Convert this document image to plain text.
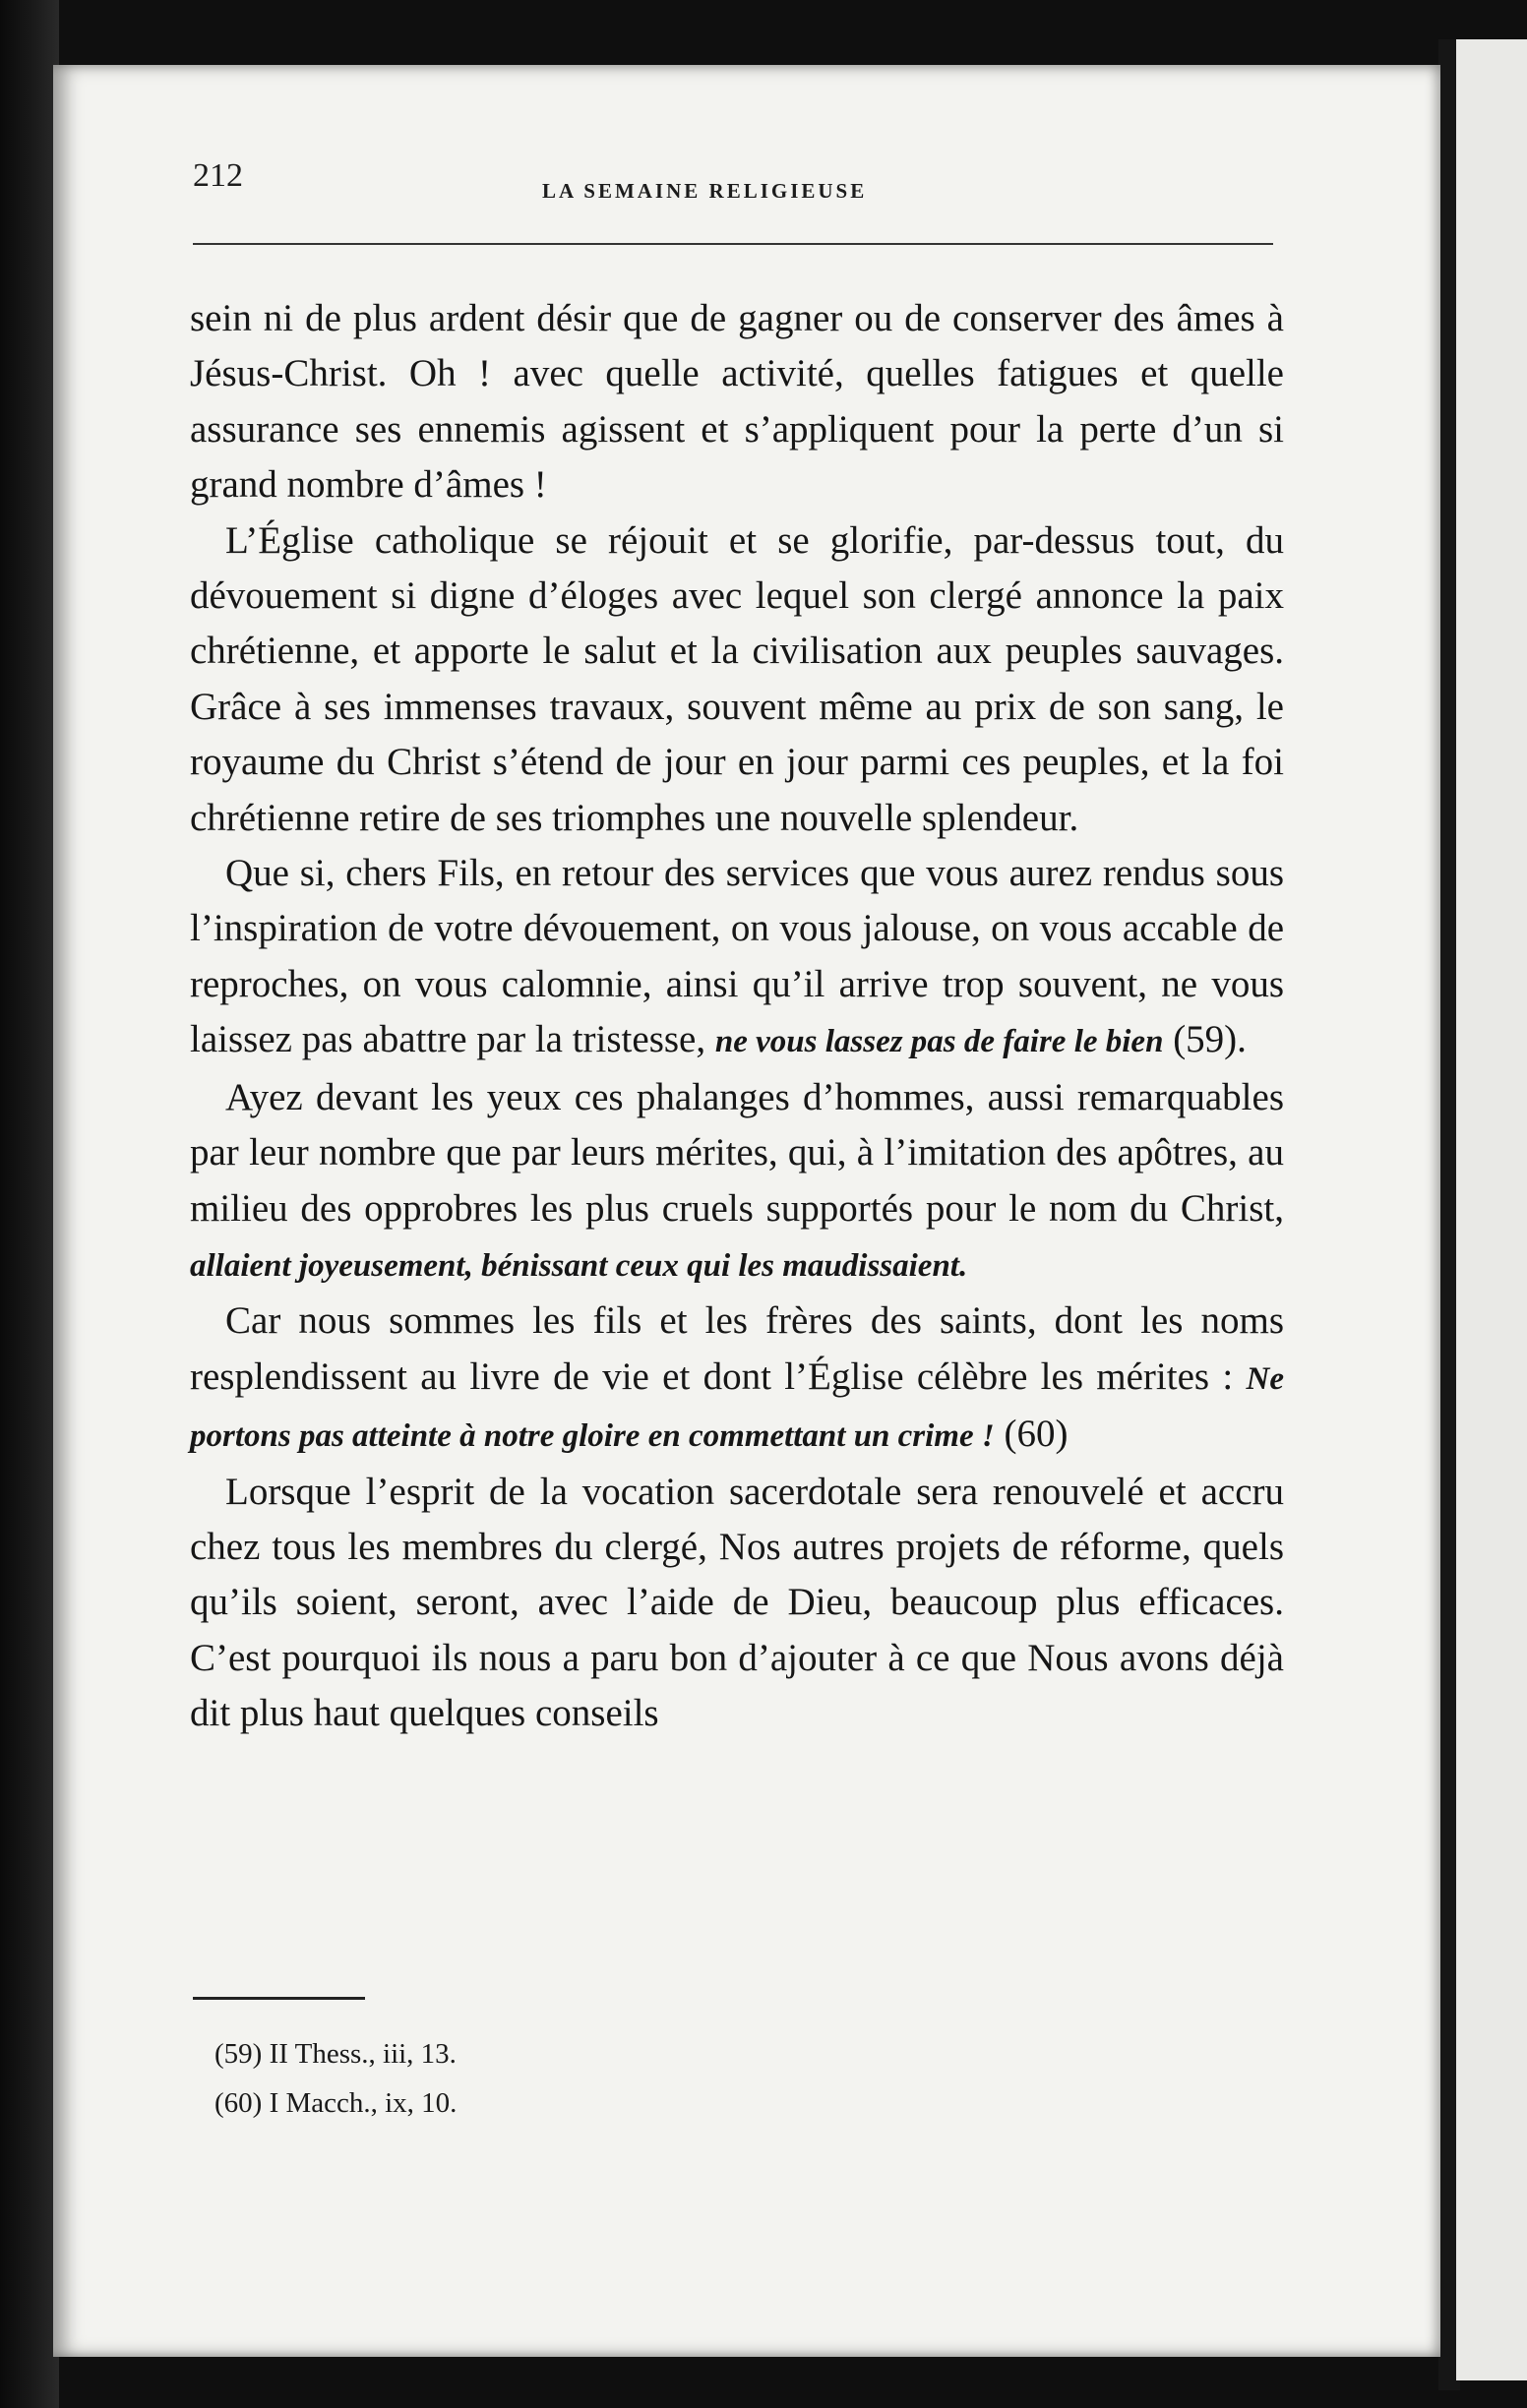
212	LA SEMAINE RELIGIEUSE

sein ni de plus ardent désir que de gagner ou de conserver des âmes à Jésus-Christ. Oh ! avec quelle activité, quelles fatigues et quelle assurance ses ennemis agissent et s’appliquent pour la perte d’un si grand nombre d’âmes !

L’Église catholique se réjouit et se glorifie, par-dessus tout, du dévouement si digne d’éloges avec lequel son clergé annonce la paix chrétienne, et apporte le salut et la civilisation aux peuples sauvages. Grâce à ses immenses travaux, souvent même au prix de son sang, le royaume du Christ s’étend de jour en jour parmi ces peuples, et la foi chrétienne retire de ses triomphes une nouvelle splendeur.

Que si, chers Fils, en retour des services que vous aurez rendus sous l’inspiration de votre dévouement, on vous jalouse, on vous accable de reproches, on vous calomnie, ainsi qu’il arrive trop souvent, ne vous laissez pas abattre par la tristesse, ne vous lassez pas de faire le bien (59).

Ayez devant les yeux ces phalanges d’hommes, aussi remarquables par leur nombre que par leurs mérites, qui, à l’imitation des apôtres, au milieu des opprobres les plus cruels supportés pour le nom du Christ, allaient joyeusement, bénissant ceux qui les maudissaient.

Car nous sommes les fils et les frères des saints, dont les noms resplendissent au livre de vie et dont l’Église célèbre les mérites : Ne portons pas atteinte à notre gloire en commettant un crime ! (60)

Lorsque l’esprit de la vocation sacerdotale sera renouvelé et accru chez tous les membres du clergé, Nos autres projets de réforme, quels qu’ils soient, seront, avec l’aide de Dieu, beaucoup plus efficaces. C’est pourquoi ils nous a paru bon d’ajouter à ce que Nous avons déjà dit plus haut quelques conseils

(59) II Thess., iii, 13.
(60) I Macch., ix, 10.
